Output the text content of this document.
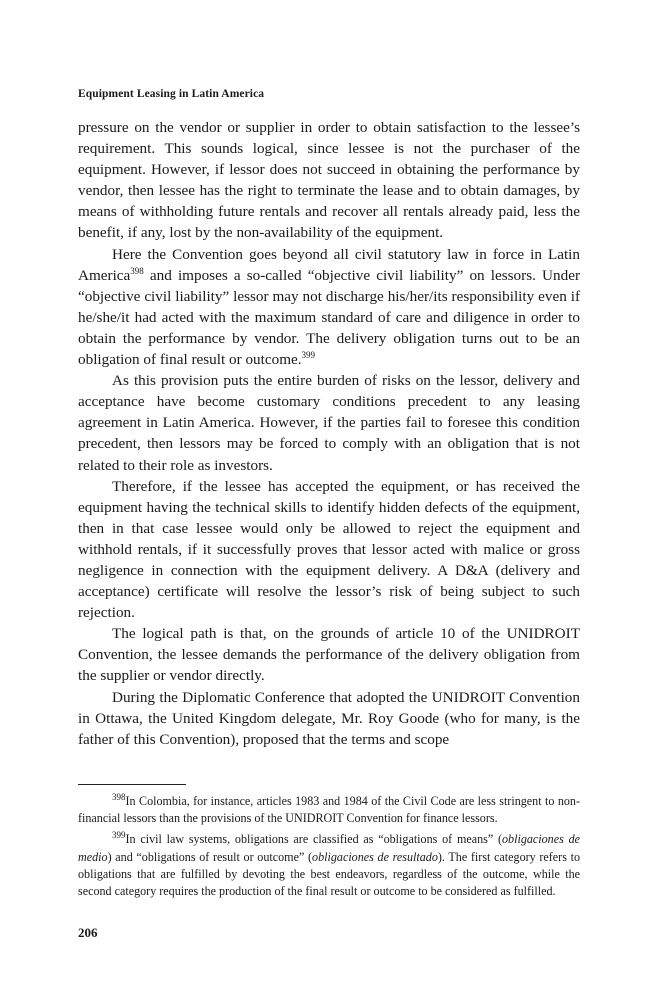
Equipment Leasing in Latin America

pressure on the vendor or supplier in order to obtain satisfaction to the lessee’s requirement. This sounds logical, since lessee is not the purchaser of the equipment. However, if lessor does not succeed in obtaining the performance by vendor, then lessee has the right to terminate the lease and to obtain damages, by means of withholding future rentals and recover all rentals already paid, less the benefit, if any, lost by the non-availability of the equipment.

Here the Convention goes beyond all civil statutory law in force in Latin America$^{398}$ and imposes a so-called “objective civil liability” on lessors. Under “objective civil liability” lessor may not discharge his/her/its responsibility even if he/she/it had acted with the maximum standard of care and diligence in order to obtain the performance by vendor. The delivery obligation turns out to be an obligation of final result or outcome.$^{399}$

As this provision puts the entire burden of risks on the lessor, delivery and acceptance have become customary conditions precedent to any leasing agreement in Latin America. However, if the parties fail to foresee this condition precedent, then lessors may be forced to comply with an obligation that is not related to their role as investors.

Therefore, if the lessee has accepted the equipment, or has received the equipment having the technical skills to identify hidden defects of the equipment, then in that case lessee would only be allowed to reject the equipment and withhold rentals, if it successfully proves that lessor acted with malice or gross negligence in connection with the equipment delivery. A D&A (delivery and acceptance) certificate will resolve the lessor’s risk of being subject to such rejection.

The logical path is that, on the grounds of article 10 of the UNIDROIT Convention, the lessee demands the performance of the delivery obligation from the supplier or vendor directly.

During the Diplomatic Conference that adopted the UNIDROIT Convention in Ottawa, the United Kingdom delegate, Mr. Roy Goode (who for many, is the father of this Convention), proposed that the terms and scope

$^{398}$In Colombia, for instance, articles 1983 and 1984 of the Civil Code are less stringent to non-financial lessors than the provisions of the UNIDROIT Convention for finance lessors.

$^{399}$In civil law systems, obligations are classified as “obligations of means” (obligaciones de medio) and “obligations of result or outcome” (obligaciones de resultado). The first category refers to obligations that are fulfilled by devoting the best endeavors, regardless of the outcome, while the second category requires the production of the final result or outcome to be considered as fulfilled.

206
